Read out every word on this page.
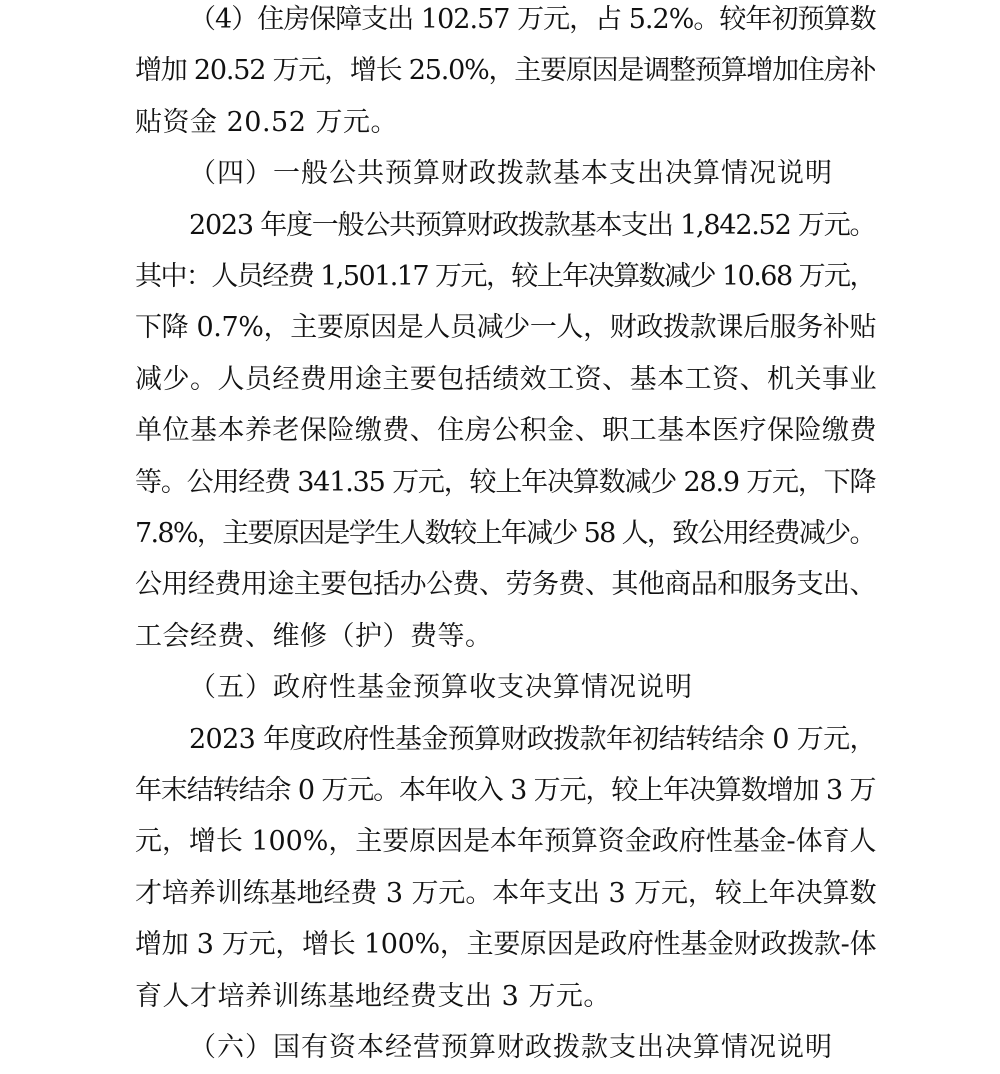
（4）住房保障支出 102.57 万元，占 5.2%。较年初预算数
增加 20.52 万元，增长 25.0%，主要原因是调整预算增加住房补
贴资金 20.52 万元。
（四）一般公共预算财政拨款基本支出决算情况说明
2023 年度一般公共预算财政拨款基本支出 1,842.52 万元。
其中：人员经费 1,501.17 万元，较上年决算数减少 10.68 万元，
下降 0.7%，主要原因是人员减少一人，财政拨款课后服务补贴
减少。人员经费用途主要包括绩效工资、基本工资、机关事业
单位基本养老保险缴费、住房公积金、职工基本医疗保险缴费
等。公用经费 341.35 万元，较上年决算数减少 28.9 万元，下降
7.8%，主要原因是学生人数较上年减少 58 人，致公用经费减少。
公用经费用途主要包括办公费、劳务费、其他商品和服务支出、
工会经费、维修（护）费等。
（五）政府性基金预算收支决算情况说明
2023 年度政府性基金预算财政拨款年初结转结余 0 万元，
年末结转结余 0 万元。本年收入 3 万元，较上年决算数增加 3 万
元，增长 100%，主要原因是本年预算资金政府性基金-体育人
才培养训练基地经费 3 万元。本年支出 3 万元，较上年决算数
增加 3 万元，增长 100%，主要原因是政府性基金财政拨款-体
育人才培养训练基地经费支出 3 万元。
（六）国有资本经营预算财政拨款支出决算情况说明
